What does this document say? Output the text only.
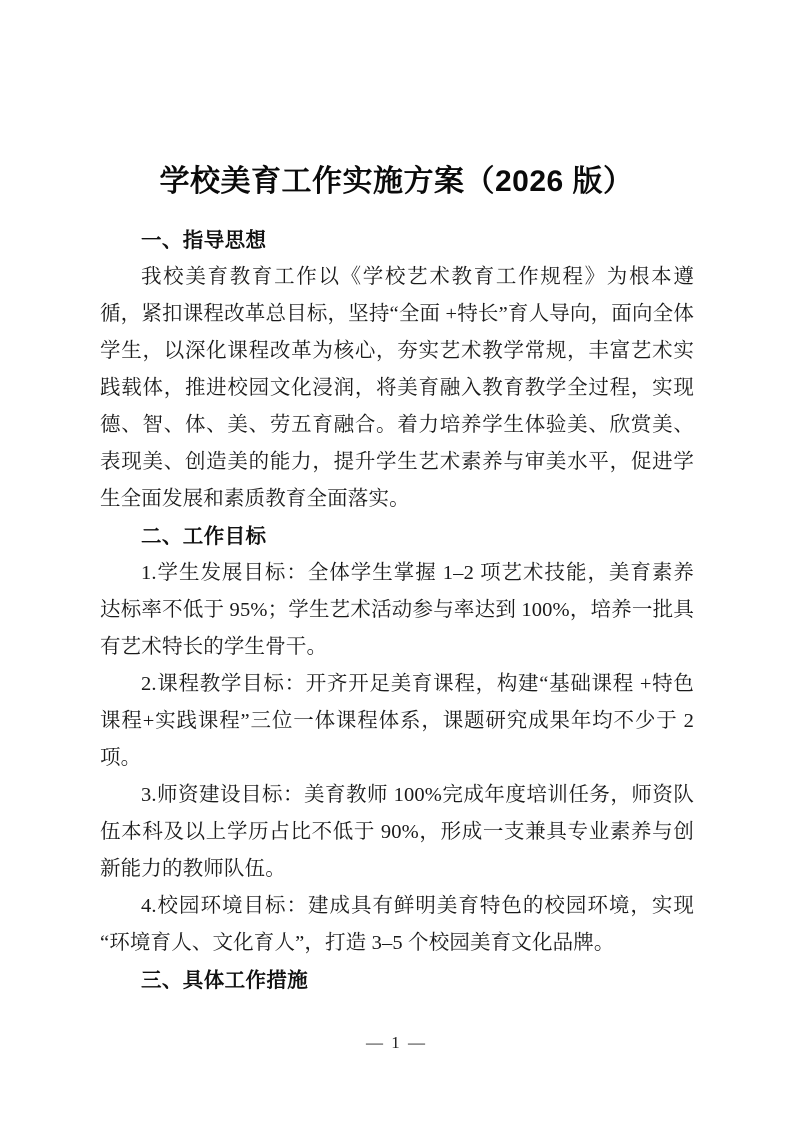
学校美育工作实施方案（2026 版）
一、指导思想

我校美育教育工作以《学校艺术教育工作规程》为根本遵循，紧扣课程改革总目标，坚持“全面 +特长”育人导向，面向全体学生，以深化课程改革为核心，夯实艺术教学常规，丰富艺术实践载体，推进校园文化浸润，将美育融入教育教学全过程，实现德、智、体、美、劳五育融合。着力培养学生体验美、欣赏美、表现美、创造美的能力，提升学生艺术素养与审美水平，促进学生全面发展和素质教育全面落实。

二、工作目标

1.学生发展目标：全体学生掌握 1–2 项艺术技能，美育素养达标率不低于 95%；学生艺术活动参与率达到 100%，培养一批具有艺术特长的学生骨干。

2.课程教学目标：开齐开足美育课程，构建“基础课程 +特色课程+实践课程”三位一体课程体系，课题研究成果年均不少于 2 项。

3.师资建设目标：美育教师 100%完成年度培训任务，师资队伍本科及以上学历占比不低于 90%，形成一支兼具专业素养与创新能力的教师队伍。

4.校园环境目标：建成具有鲜明美育特色的校园环境，实现“环境育人、文化育人”，打造 3–5 个校园美育文化品牌。

三、具体工作措施
— 1 —
